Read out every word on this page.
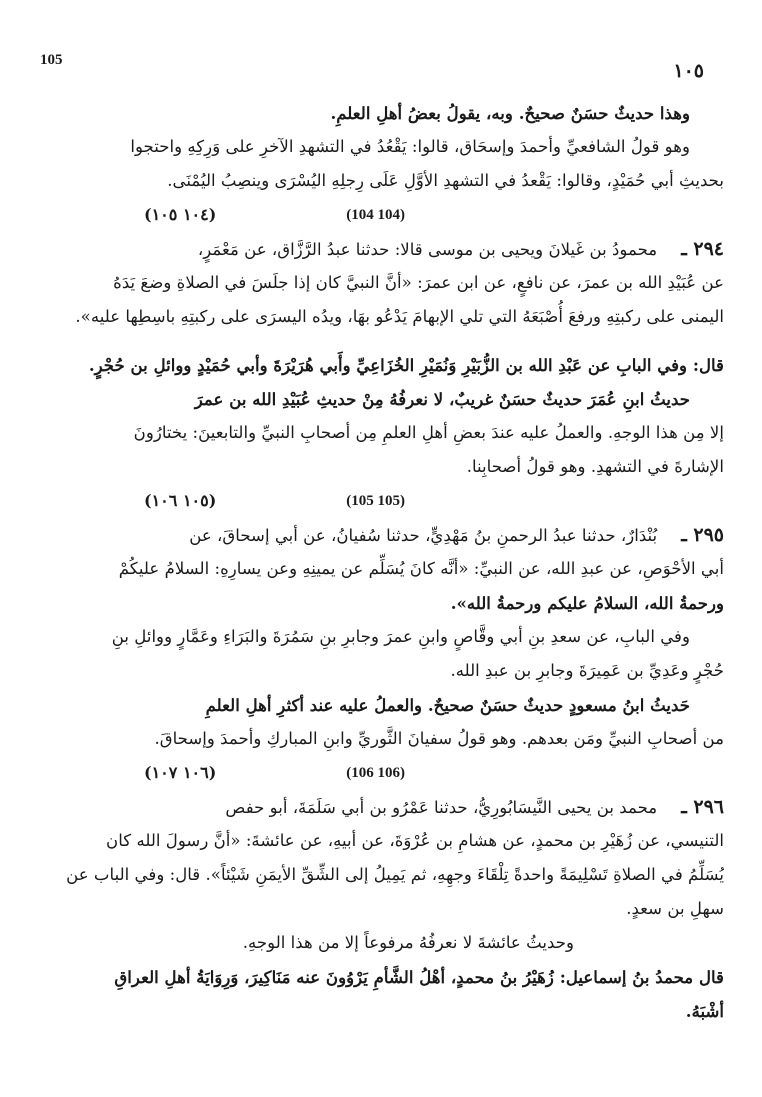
105	١٠٥
وهذا حديثٌ حسَنٌ صحيحٌ. وبه، يقولُ بعضُ أهلِ العلمِ.
وهو قولُ الشافعيِّ وأحمدَ وإسحَاق، قالوا: يَقْعُدُ في التشهدِ الآخرِ على وَرِكِهِ واحتجوا
بحديثِ أبي حُمَيْدٍ، وقالوا: يَقْعدُ في التشهدِ الأوَّلِ عَلَى رِجلِهِ اليُسْرَى وينصِبُ اليُمْنَى.
(١٠٤ ١٠٥)	(104 104)
٢٩٤ ـمحمودُ بن غَيلانَ ويحيى بن موسى قالا: حدثنا عبدُ الرَّزَّاق، عن مَعْمَرٍ،
عن عُبَيْدِ الله بن عمرَ، عن نافعٍ، عن ابن عمرَ: «أنَّ النبيَّ كان إذا جلَسَ في الصلاةِ وضعَ يَدَهُ
اليمنى على ركبتِهِ ورفعَ أُصْبَعَهُ التي تلي الإبهامَ يَدْعُو بهَا، ويدُه اليسرَى على ركبتِهِ باسِطِها عليه».
قال: وفي البابِ عن عَبْدِ الله بن الزُّبَيْرِ وَنُمَيْرِ الخُزَاعِيِّ وأَبي هُرَيْرَةَ وأبي حُمَيْدٍ ووائلِ بن حُجْرٍ.
حديثُ ابنِ عُمَرَ حديثٌ حسَنٌ غريبٌ، لا نعرفُهُ مِنْ حديثِ عُبَيْدِ الله بن عمرَ
إلا مِن هذا الوجهِ. والعملُ عليه عندَ بعضِ أهلِ العلمِ مِن أصحابِ النبيِّ والتابعينَ: يختارُونَ
الإشارةَ في التشهدِ. وهو قولُ أصحابِنا.
(١٠٥ ١٠٦)	(105 105)
٢٩٥ ـبُنْدَارٌ، حدثنا عبدُ الرحمنِ بنُ مَهْدِيٍّ، حدثنا سُفيانُ، عن أبي إسحاقَ، عن
أبي الأحْوَصِ، عن عبدِ الله، عن النبيِّ: «أنَّه كانَ يُسَلِّم عن يمينِهِ وعن يسارِهِ: السلامُ عليكُمْ
ورحمةُ الله، السلامُ عليكم ورحمةُ الله».
وفي البابِ، عن سعدِ بنِ أبي وقَّاصٍ وابنِ عمرَ وجابرِ بنِ سَمُرَةَ والبَرَاءِ وعَمَّارٍ ووائلِ بنِ
حُجْرٍ وعَدِيِّ بن عَمِيرَةَ وجابرِ بن عبدِ الله.
حَديثُ ابنُ مسعودٍ حديثٌ حسَنٌ صحيحٌ. والعملُ عليه عند أكثرِ أهلِ العلمِ
من أصحابِ النبيِّ ومَن بعدهم. وهو قولُ سفيانَ الثَّوريِّ وابنِ المباركِ وأحمدَ وإسحاقَ.
(١٠٦ ١٠٧)	(106 106)
٢٩٦ ـمحمد بن يحيى النَّيسَابُورِيُّ، حدثنا عَمْرُو بن أبي سَلَمَةَ، أبو حفص
التنيسي، عن زُهَيْرِ بن محمدٍ، عن هشامِ بن عُرْوَةَ، عن أبيهِ، عن عائشةَ: «أنَّ رسولَ الله كان
يُسَلِّمُ في الصلاةِ تَسْلِيمَةً واحدةً تِلْقَاءَ وجهِهِ، ثم يَمِيلُ إلى الشِّقِّ الأيمَنِ شَيْئاً». قال: وفي الباب عن
سهلِ بن سعدٍ.
وحديثُ عائشةَ لا نعرفُهُ مرفوعاً إلا من هذا الوجهِ.
قال محمدُ بنُ إسماعيل: زُهَيْرُ بنُ محمدٍ، أهْلُ الشَّأمِ يَرْوُونَ عنه مَنَاكِيرَ، وَرِوَايَةُ أهلِ العراقِ
أشْبَهُ.
